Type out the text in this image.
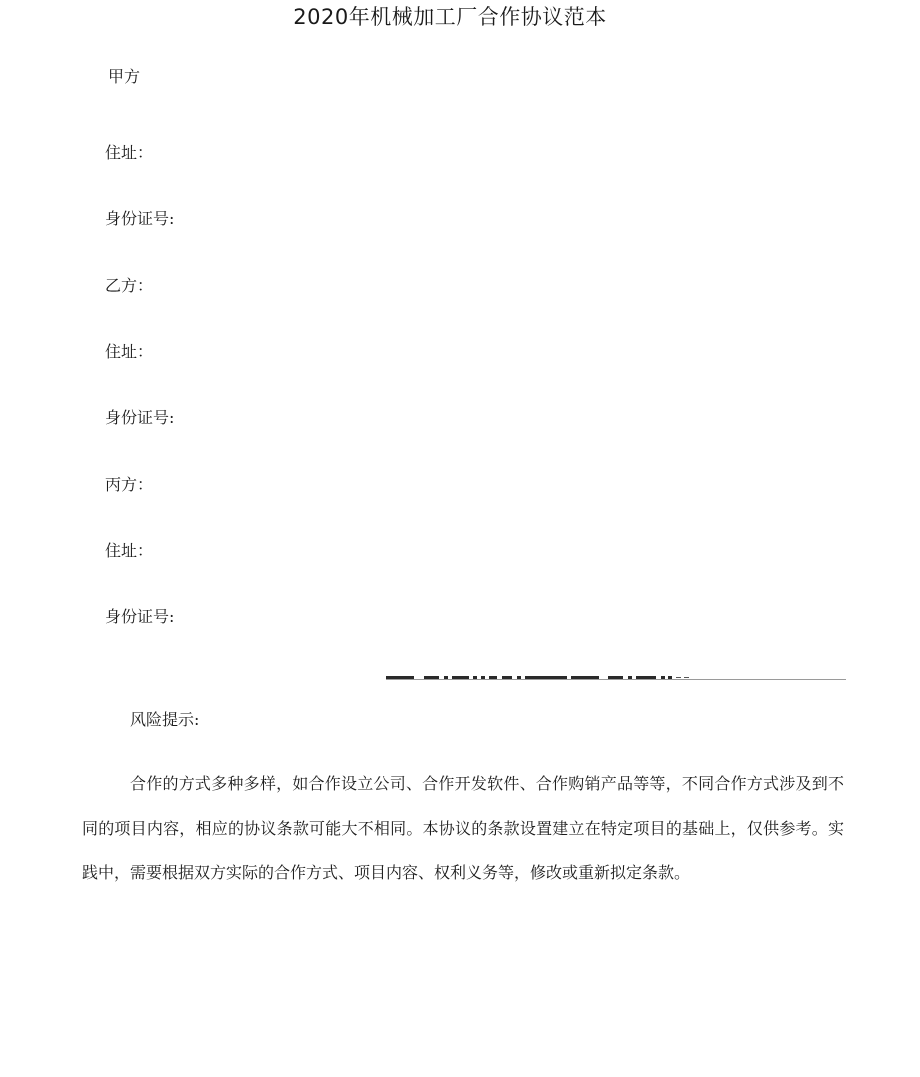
2020年机械加工厂合作协议范本
甲方
住址：
身份证号:
乙方：
住址：
身份证号:
丙方：
住址：
身份证号:
风险提示:

合作的方式多种多样，如合作设立公司、合作开发软件、合作购销产品等等，不同合作方式涉及到不同的项目内容，相应的协议条款可能大不相同。本协议的条款设置建立在特定项目的基础上，仅供参考。实践中，需要根据双方实际的合作方式、项目内容、权利义务等，修改或重新拟定条款。
